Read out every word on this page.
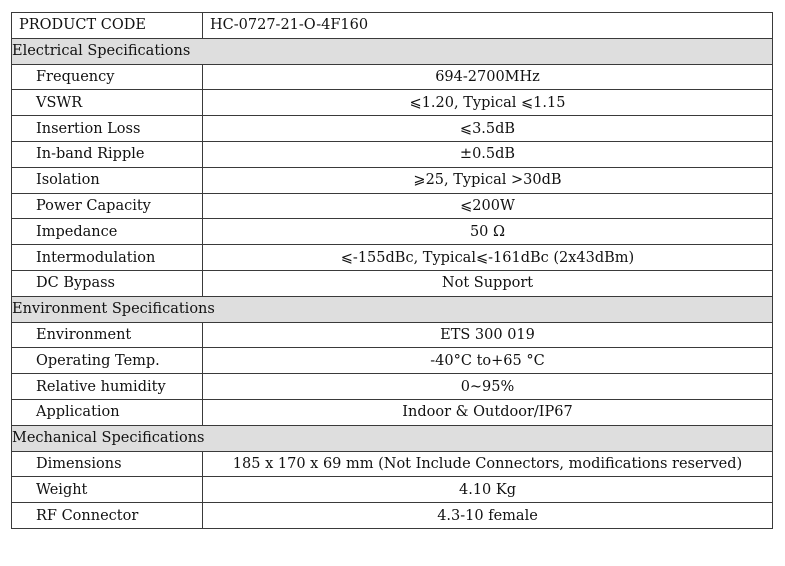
PRODUCT CODE	HC-0727-21-O-4F160
Electrical Specifications	
Frequency	694-2700MHz
VSWR	⩽1.20, Typical ⩽1.15
Insertion Loss	⩽3.5dB
In-band Ripple	±0.5dB
Isolation	⩾25, Typical >30dB
Power Capacity	⩽200W
Impedance	50 Ω
Intermodulation	⩽-155dBc, Typical⩽-161dBc (2x43dBm)
DC Bypass	Not Support
Environment Specifications	
Environment	ETS 300 019
Operating Temp.	-40°C to+65 °C
Relative humidity	0~95%
Application	Indoor & Outdoor/IP67
Mechanical Specifications	
Dimensions	185 x 170 x 69 mm (Not Include Connectors, modifications reserved)
Weight	4.10 Kg
RF Connector	4.3-10 female
